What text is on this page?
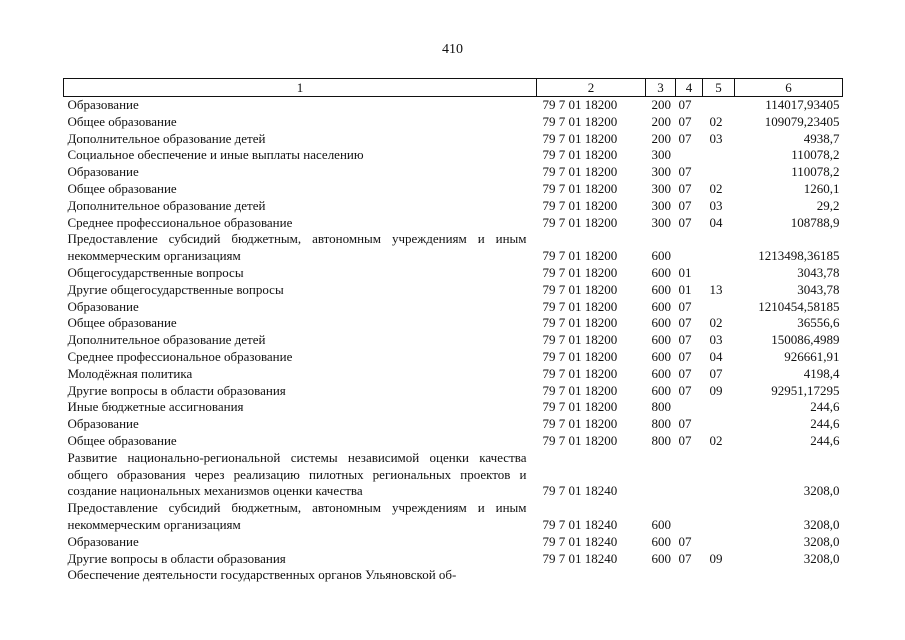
410
1	2	3	4	5	6
Образование	79 7 01 18200	200	07		114017,93405
Общее образование	79 7 01 18200	200	07	02	109079,23405
Дополнительное образование детей	79 7 01 18200	200	07	03	4938,7
Социальное обеспечение и иные выплаты населению	79 7 01 18200	300			110078,2
Образование	79 7 01 18200	300	07		110078,2
Общее образование	79 7 01 18200	300	07	02	1260,1
Дополнительное образование детей	79 7 01 18200	300	07	03	29,2
Среднее профессиональное образование	79 7 01 18200	300	07	04	108788,9
Предоставление субсидий бюджетным, автономным учреждениям и иным некоммерческим организациям	79 7 01 18200	600			1213498,36185
Общегосударственные вопросы	79 7 01 18200	600	01		3043,78
Другие общегосударственные вопросы	79 7 01 18200	600	01	13	3043,78
Образование	79 7 01 18200	600	07		1210454,58185
Общее образование	79 7 01 18200	600	07	02	36556,6
Дополнительное образование детей	79 7 01 18200	600	07	03	150086,4989
Среднее профессиональное образование	79 7 01 18200	600	07	04	926661,91
Молодёжная политика	79 7 01 18200	600	07	07	4198,4
Другие вопросы в области образования	79 7 01 18200	600	07	09	92951,17295
Иные бюджетные ассигнования	79 7 01 18200	800			244,6
Образование	79 7 01 18200	800	07		244,6
Общее образование	79 7 01 18200	800	07	02	244,6
Развитие национально-региональной системы независимой оценки качества общего образования через реализацию пилотных региональных проектов и создание национальных механизмов оценки качества	79 7 01 18240				3208,0
Предоставление субсидий бюджетным, автономным учреждениям и иным некоммерческим организациям	79 7 01 18240	600			3208,0
Образование	79 7 01 18240	600	07		3208,0
Другие вопросы в области образования	79 7 01 18240	600	07	09	3208,0
Обеспечение деятельности государственных органов Ульяновской об-					
